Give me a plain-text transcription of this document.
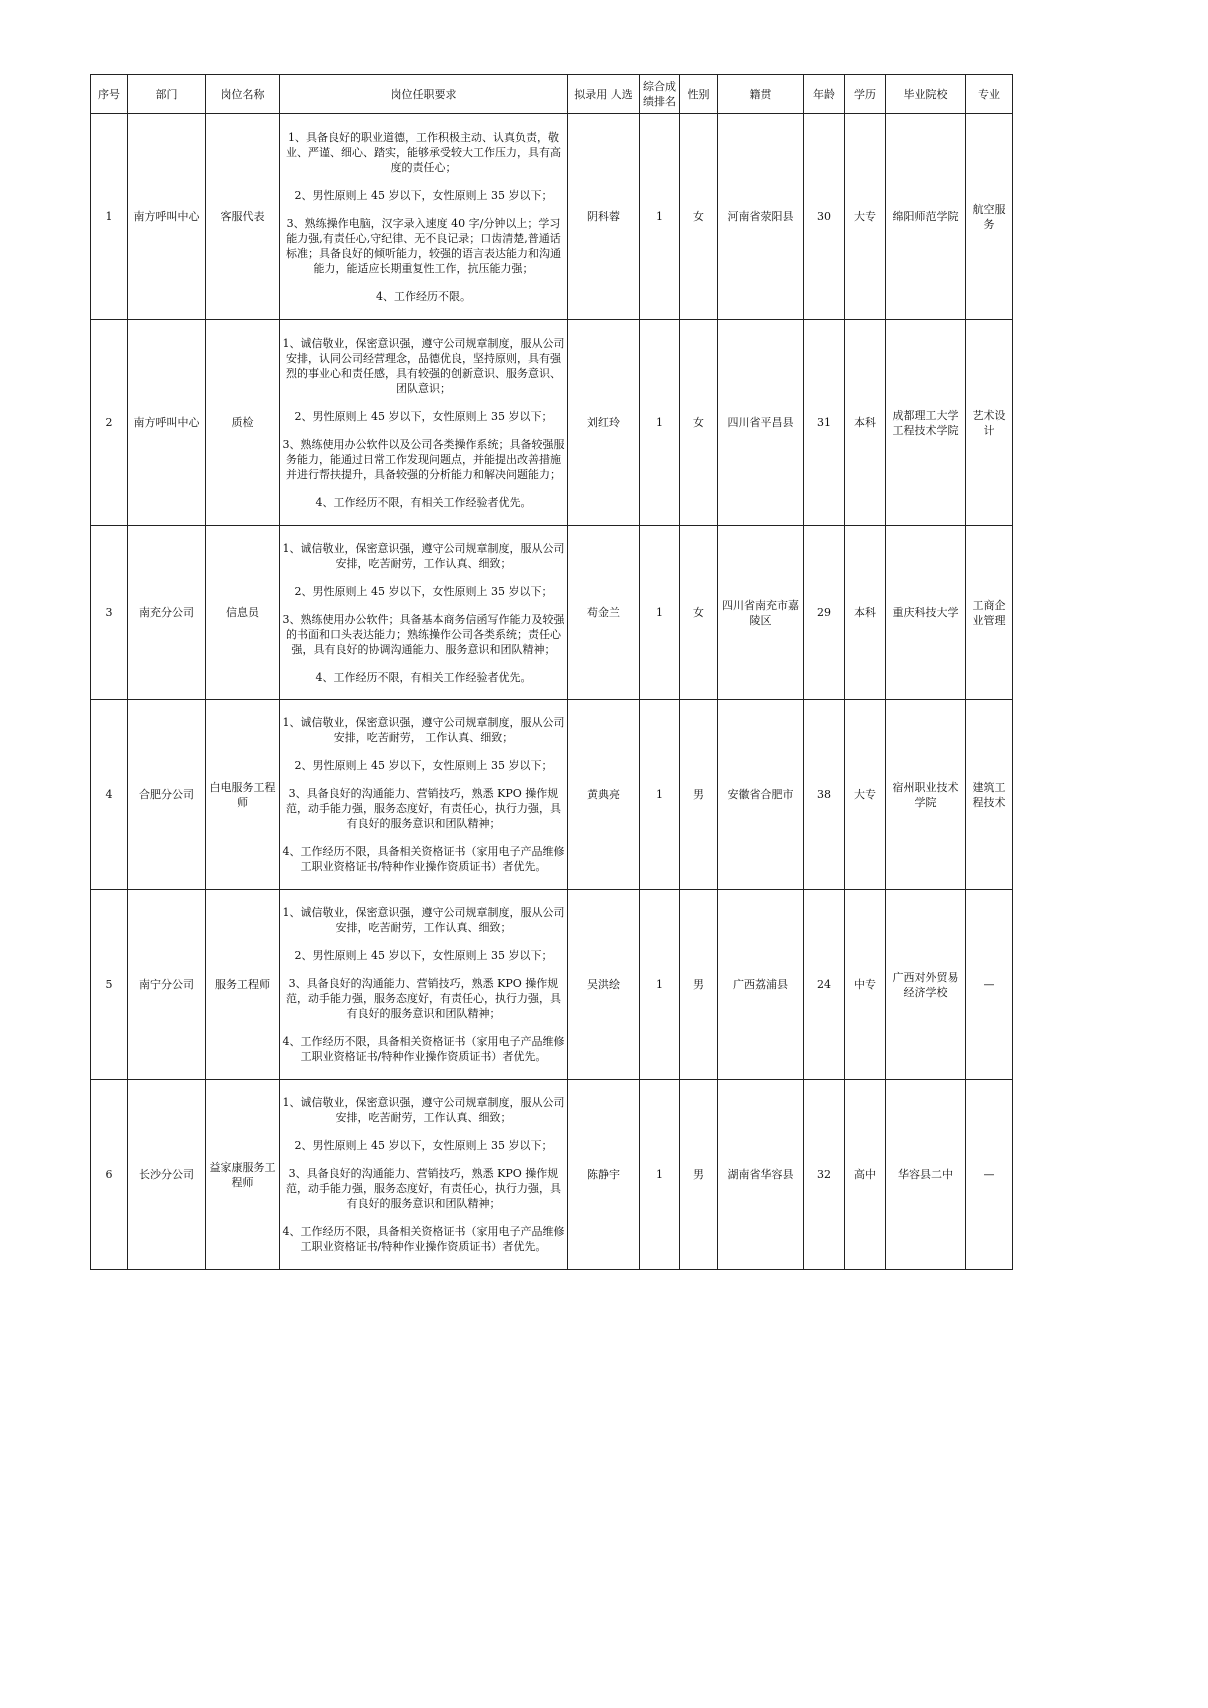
序号	部门	岗位名称	岗位任职要求	拟录用 人选	综合成绩排名	性别	籍贯	年龄	学历	毕业院校	专业
1	南方呼叫中心	客服代表	1、具备良好的职业道德，工作积极主动、认真负责，敬业、严谨、细心、踏实，能够承受较大工作压力，具有高度的责任心；
2、男性原则上 45 岁以下，女性原则上 35 岁以下；
3、熟练操作电脑，汉字录入速度 40 字/分钟以上；学习能力强,有责任心,守纪律、无不良记录；口齿清楚,普通话标准；具备良好的倾听能力，较强的语言表达能力和沟通能力，能适应长期重复性工作，抗压能力强；
4、工作经历不限。	阴科蓉	1	女	河南省荥阳县	30	大专	绵阳师范学院	航空服务
2	南方呼叫中心	质检	1、诚信敬业，保密意识强，遵守公司规章制度，服从公司安排，认同公司经营理念，品德优良，坚持原则，具有强烈的事业心和责任感，具有较强的创新意识、服务意识、团队意识；
2、男性原则上 45 岁以下，女性原则上 35 岁以下；
3、熟练使用办公软件以及公司各类操作系统；具备较强服务能力，能通过日常工作发现问题点，并能提出改善措施并进行帮扶提升，具备较强的分析能力和解决问题能力；
4、工作经历不限，有相关工作经验者优先。	刘红玲	1	女	四川省平昌县	31	本科	成都理工大学工程技术学院	艺术设计
3	南充分公司	信息员	1、诚信敬业，保密意识强，遵守公司规章制度，服从公司安排，吃苦耐劳，工作认真、细致；
2、男性原则上 45 岁以下，女性原则上 35 岁以下；
3、熟练使用办公软件；具备基本商务信函写作能力及较强的书面和口头表达能力；熟练操作公司各类系统；责任心强，具有良好的协调沟通能力、服务意识和团队精神；
4、工作经历不限，有相关工作经验者优先。	苟金兰	1	女	四川省南充市嘉陵区	29	本科	重庆科技大学	工商企业管理
4	合肥分公司	白电服务工程师	1、诚信敬业，保密意识强，遵守公司规章制度，服从公司安排，吃苦耐劳， 工作认真、细致；
2、男性原则上 45 岁以下，女性原则上 35 岁以下；
3、具备良好的沟通能力、营销技巧，熟悉 KPO 操作规范，动手能力强，服务态度好，有责任心，执行力强，具有良好的服务意识和团队精神；
4、工作经历不限，具备相关资格证书（家用电子产品维修工职业资格证书/特种作业操作资质证书）者优先。	黄典亮	1	男	安徽省合肥市	38	大专	宿州职业技术学院	建筑工程技术
5	南宁分公司	服务工程师	1、诚信敬业，保密意识强，遵守公司规章制度，服从公司安排，吃苦耐劳，工作认真、细致；
2、男性原则上 45 岁以下，女性原则上 35 岁以下；
3、具备良好的沟通能力、营销技巧，熟悉 KPO 操作规范，动手能力强，服务态度好，有责任心，执行力强，具有良好的服务意识和团队精神；
4、工作经历不限，具备相关资格证书（家用电子产品维修工职业资格证书/特种作业操作资质证书）者优先。	吴洪绘	1	男	广西荔浦县	24	中专	广西对外贸易经济学校	—
6	长沙分公司	益家康服务工程师	1、诚信敬业，保密意识强，遵守公司规章制度，服从公司安排，吃苦耐劳，工作认真、细致；
2、男性原则上 45 岁以下，女性原则上 35 岁以下；
3、具备良好的沟通能力、营销技巧，熟悉 KPO 操作规范，动手能力强，服务态度好，有责任心，执行力强，具有良好的服务意识和团队精神；
4、工作经历不限，具备相关资格证书（家用电子产品维修工职业资格证书/特种作业操作资质证书）者优先。	陈静宇	1	男	湖南省华容县	32	高中	华容县二中	—
